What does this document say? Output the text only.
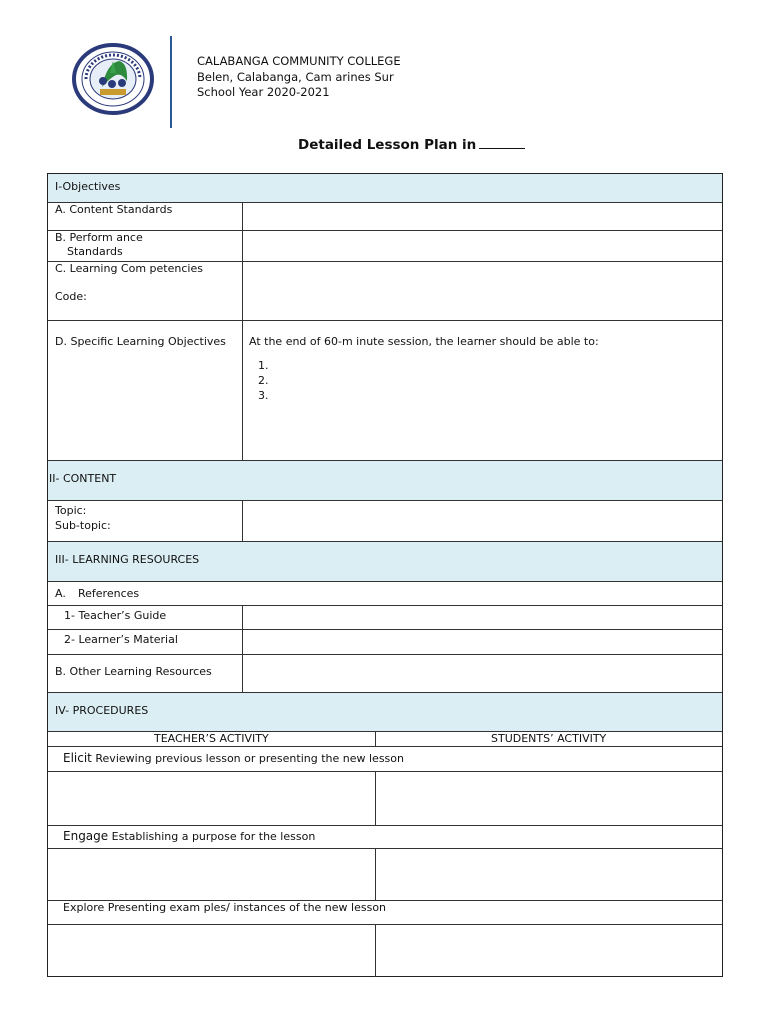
CALABANGA COMMUNITY COLLEGE
Belen, Calabanga, Cam arines Sur
School Year 2020-2021
Detailed Lesson Plan in
I-Objectives
A. Content Standards
B. Perform ance
Standards
C. Learning Com petencies
Code:
D. Specific Learning Objectives At the end of 60-m inute session, the learner should be able to:
1.
2.
3.
II- CONTENT
Topic:
Sub-topic:
III- LEARNING RESOURCES
A. References
1- Teacher’s Guide
2- Learner’s Material
B. Other Learning Resources
IV- PROCEDURES
TEACHER’S ACTIVITY	STUDENTS’ ACTIVITY
Elicit Reviewing previous lesson or presenting the new lesson
Engage Establishing a purpose for the lesson
Explore Presenting exam ples/ instances of the new lesson
